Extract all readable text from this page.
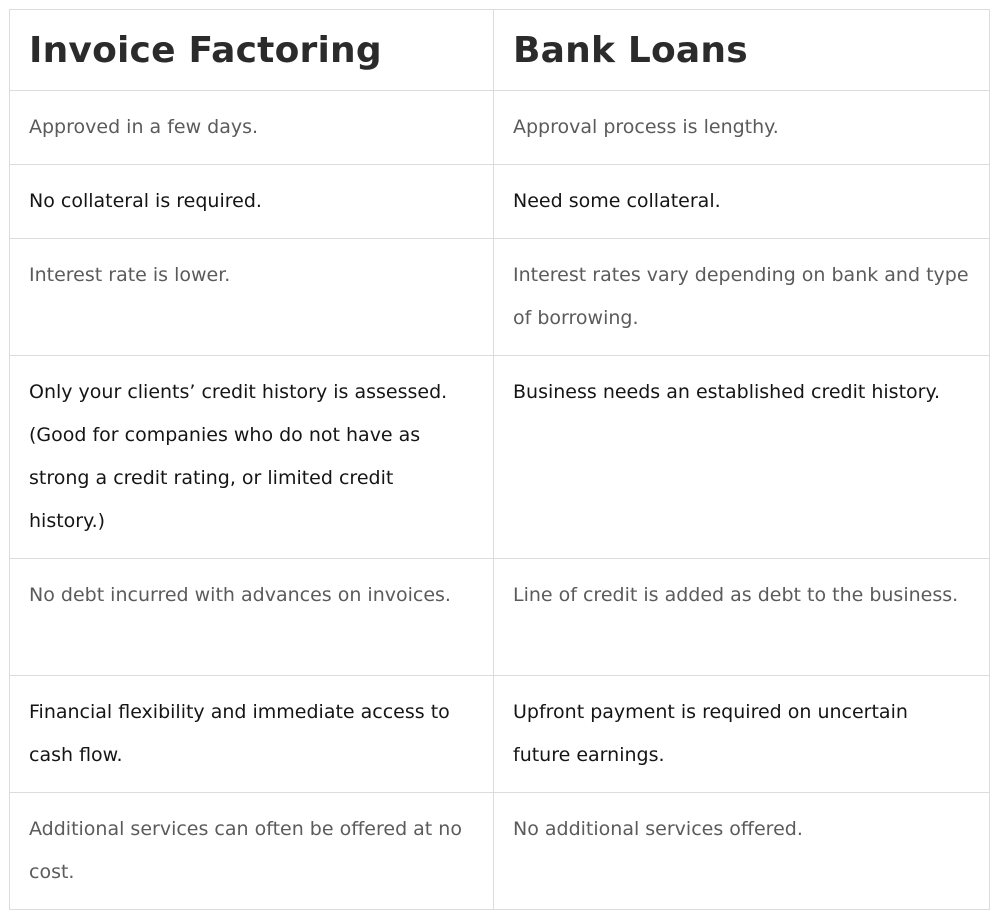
Invoice Factoring	Bank Loans
Approved in a few days.	Approval process is lengthy.
No collateral is required.	Need some collateral.
Interest rate is lower.	Interest rates vary depending on bank and type of borrowing.
Only your clients’ credit history is assessed. (Good for companies who do not have as strong a credit rating, or limited credit history.)	Business needs an established credit history.
No debt incurred with advances on invoices.	Line of credit is added as debt to the business.
Financial flexibility and immediate access to cash flow.	Upfront payment is required on uncertain future earnings.
Additional services can often be offered at no cost.	No additional services offered.
